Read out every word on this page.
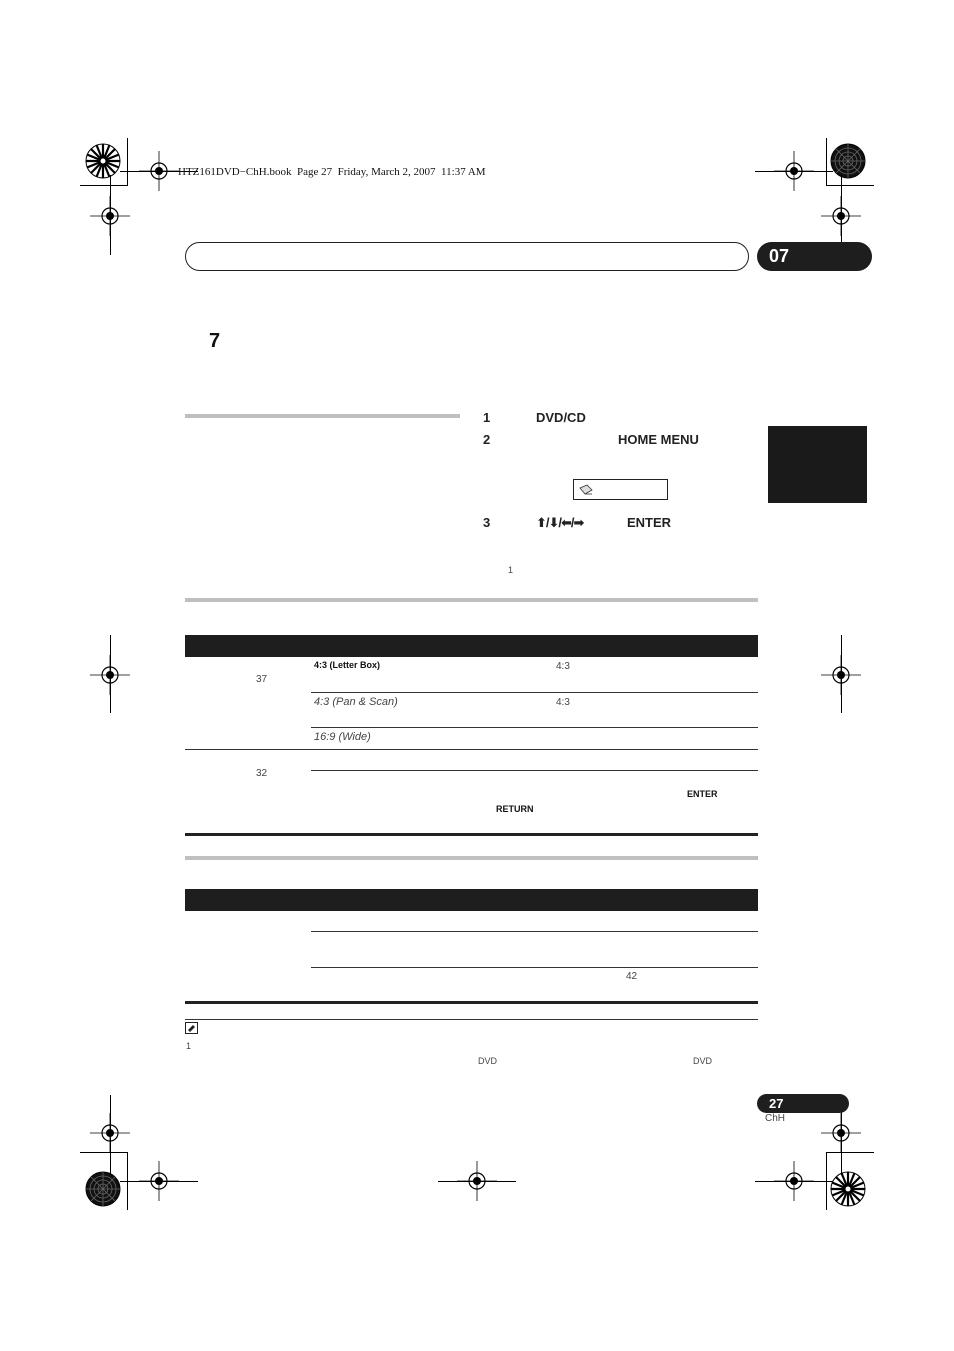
HTZ161DVD−ChH.book  Page 27  Friday, March 2, 2007  11:37 AM
07
7
1	DVD/CD
2	HOME MENU
3	⬆/⬇/⬅/➡	ENTER
1
37
4:3 (Letter Box)	4:3
4:3 (Pan & Scan)	4:3
16:9 (Wide)
32
ENTER
RETURN
42
1
DVD	DVD
27
ChH
